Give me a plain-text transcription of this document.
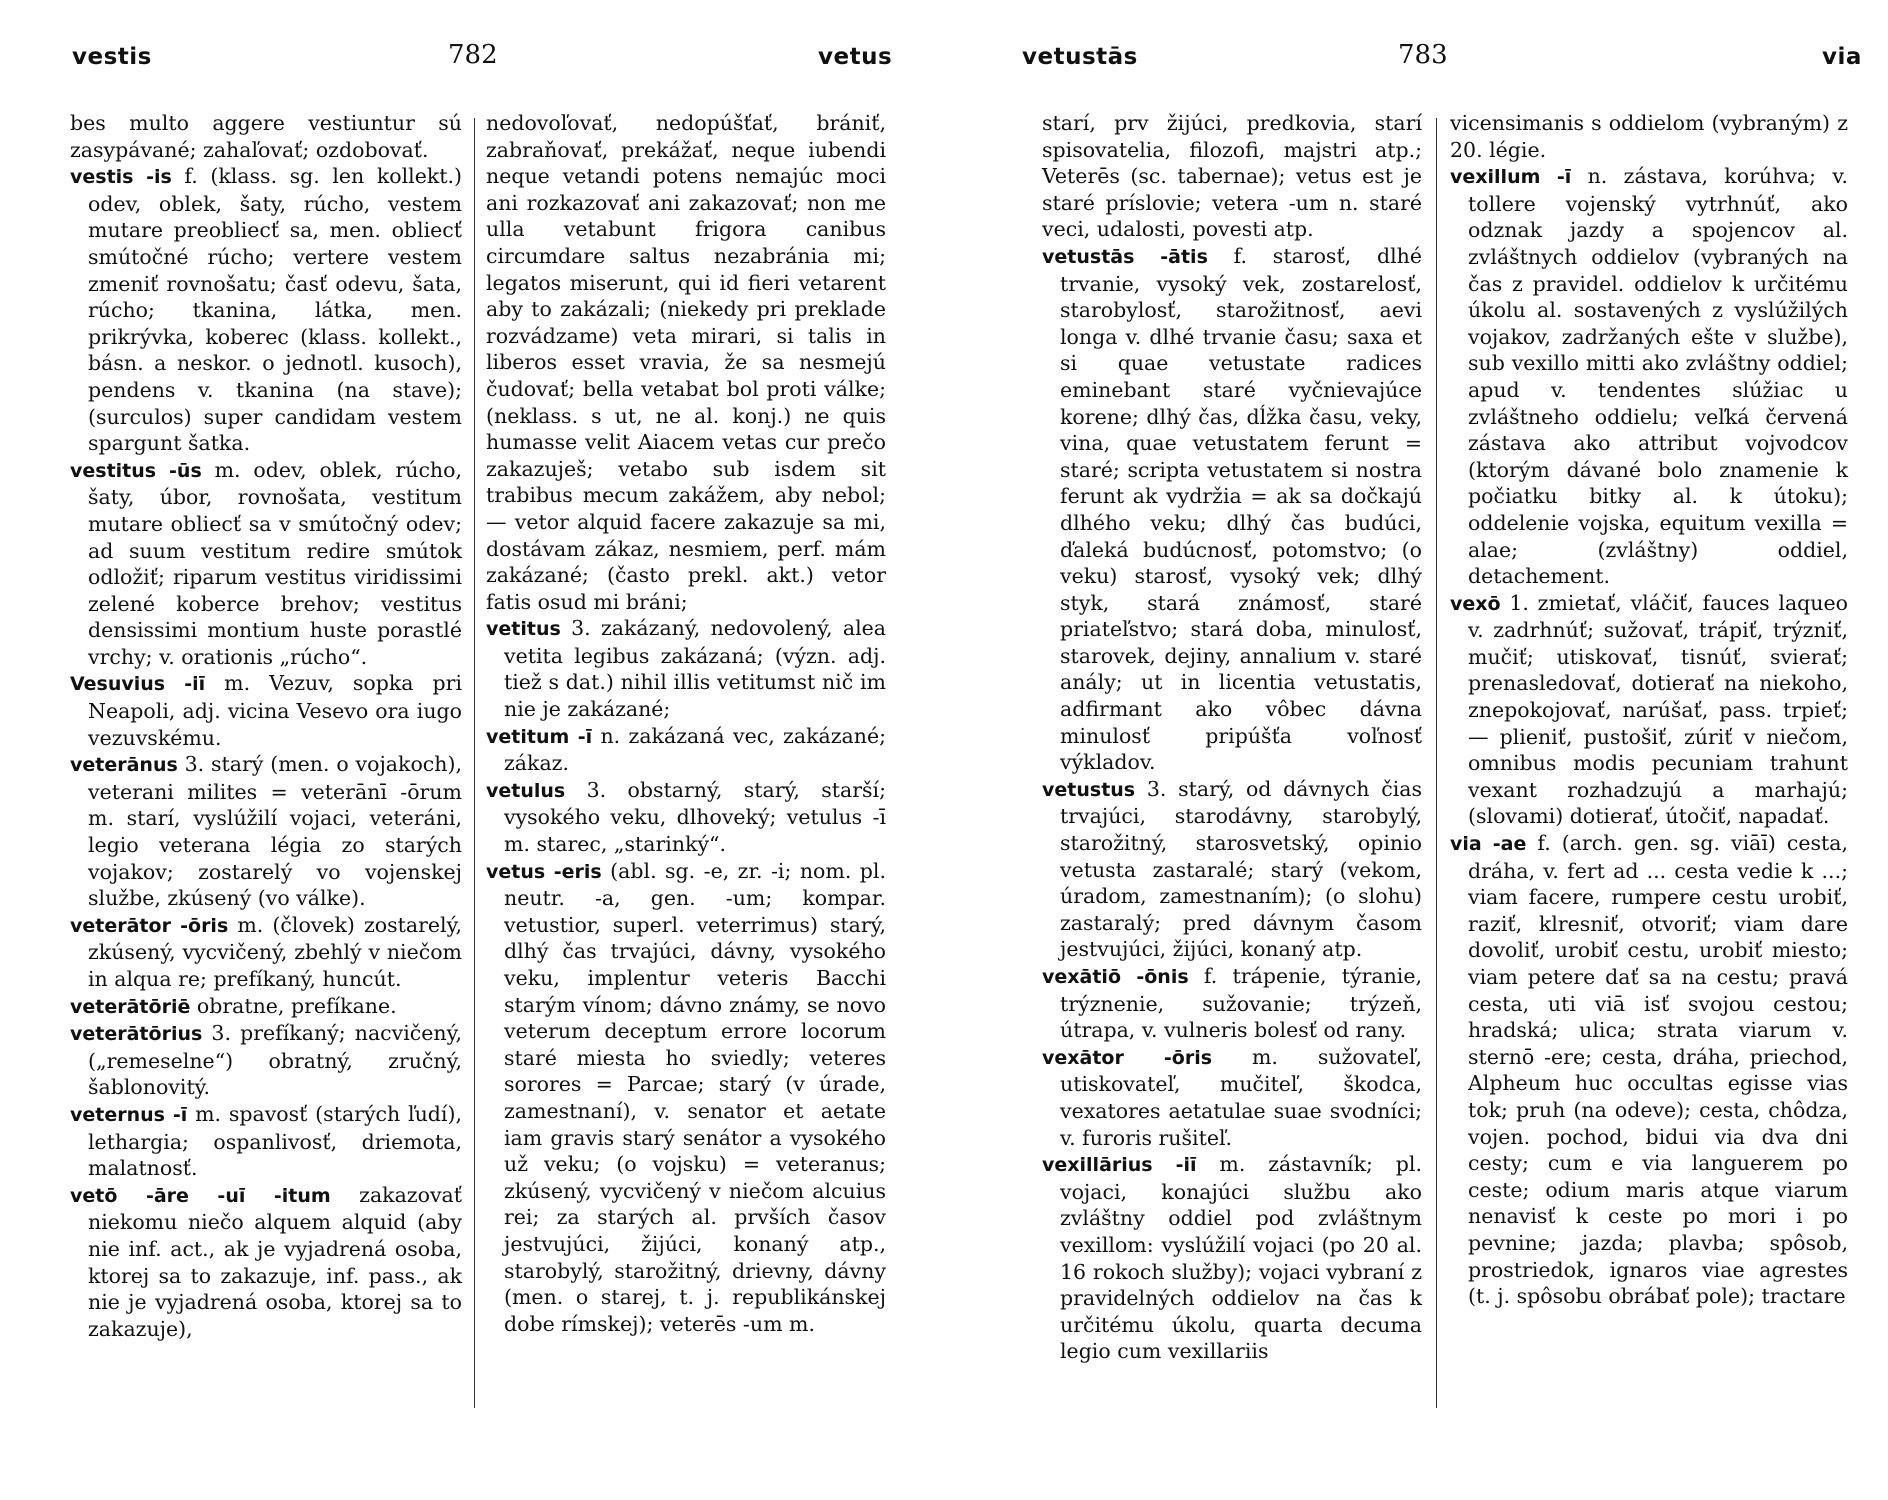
vestis	782	vetus

bes multo aggere vestiuntur sú zasypávané; zahaľovať; ozdobovať.

vestis -is f. (klass. sg. len kollekt.) odev, oblek, šaty, rúcho, vestem mutare preobliecť sa, men. obliecť smútočné rúcho; vertere vestem zmeniť rovnošatu; časť odevu, šata, rúcho; tkanina, látka, men. prikrývka, koberec (klass. kollekt., básn. a neskor. o jednotl. kusoch), pendens v. tkanina (na stave); (surculos) super candidam vestem spargunt šatka.

vestitus -ūs m. odev, oblek, rúcho, šaty, úbor, rovnošata, vestitum mutare obliecť sa v smútočný odev; ad suum vestitum redire smútok odložiť; riparum vestitus viridissimi zelené koberce brehov; vestitus densissimi montium huste porastlé vrchy; v. orationis „rúcho“.

Vesuvius -iī m. Vezuv, sopka pri Neapoli, adj. vicina Vesevo ora iugo vezuvskému.

veterānus 3. starý (men. o vojakoch), veterani milites = veterānī -ōrum m. starí, vyslúžilí vojaci, veteráni, legio veterana légia zo starých vojakov; zostarelý vo vojenskej službe, zkúsený (vo válke).

veterātor -ōris m. (človek) zostarelý, zkúsený, vycvičený, zbehlý v niečom in alqua re; prefíkaný, huncút.

veterātōriē obratne, prefíkane.

veterātōrius 3. prefíkaný; nacvičený, („remeselne“) obratný, zručný, šablonovitý.

veternus -ī m. spavosť (starých ľudí), lethargia; ospanlivosť, driemota, malatnosť.

vetō -āre -uī -itum zakazovať niekomu niečo alquem alquid (aby nie inf. act., ak je vyjadrená osoba, ktorej sa to zakazuje, inf. pass., ak nie je vyjadrená osoba, ktorej sa to zakazuje),

nedovoľovať, nedopúšťať, brániť, zabraňovať, prekážať, neque iubendi neque vetandi potens nemajúc moci ani rozkazovať ani zakazovať; non me ulla vetabunt frigora canibus circumdare saltus nezabránia mi; legatos miserunt, qui id fieri vetarent aby to zakázali; (niekedy pri preklade rozvádzame) veta mirari, si talis in liberos esset vravia, že sa nesmejú čudovať; bella vetabat bol proti válke; (neklass. s ut, ne al. konj.) ne quis humasse velit Aiacem vetas cur prečo zakazuješ; vetabo sub isdem sit trabibus mecum zakážem, aby nebol; — vetor alquid facere zakazuje sa mi, dostávam zákaz, nesmiem, perf. mám zakázané; (často prekl. akt.) vetor fatis osud mi bráni;

vetitus 3. zakázaný, nedovolený, alea vetita legibus zakázaná; (význ. adj. tiež s dat.) nihil illis vetitumst nič im nie je zakázané;

vetitum -ī n. zakázaná vec, zakázané; zákaz.

vetulus 3. obstarný, starý, starší; vysokého veku, dlhoveký; vetulus -ī m. starec, „starinký“.

vetus -eris (abl. sg. -e, zr. -i; nom. pl. neutr. -a, gen. -um; kompar. vetustior, superl. veterrimus) starý, dlhý čas trvajúci, dávny, vysokého veku, implentur veteris Bacchi starým vínom; dávno známy, se novo veterum deceptum errore locorum staré miesta ho sviedly; veteres sorores = Parcae; starý (v úrade, zamestnaní), v. senator et aetate iam gravis starý senátor a vysokého už veku; (o vojsku) = veteranus; zkúsený, vycvičený v niečom alcuius rei; za starých al. prvších časov jestvujúci, žijúci, konaný atp., starobylý, starožitný, drievny, dávny (men. o starej, t. j. republikánskej dobe rímskej); veterēs -um m.

vetustās	783	via

starí, prv žijúci, predkovia, starí spisovatelia, filozofi, majstri atp.; Veterēs (sc. tabernae); vetus est je staré príslovie; vetera -um n. staré veci, udalosti, povesti atp.

vetustās -ātis f. starosť, dlhé trvanie, vysoký vek, zostarelosť, starobylosť, starožitnosť, aevi longa v. dlhé trvanie času; saxa et si quae vetustate radices eminebant staré vyčnievajúce korene; dlhý čas, dĺžka času, veky, vina, quae vetustatem ferunt = staré; scripta vetustatem si nostra ferunt ak vydržia = ak sa dočkajú dlhého veku; dlhý čas budúci, ďaleká budúcnosť, potomstvo; (o veku) starosť, vysoký vek; dlhý styk, stará známosť, staré priateľstvo; stará doba, minulosť, starovek, dejiny, annalium v. staré anály; ut in licentia vetustatis, adfirmant ako vôbec dávna minulosť pripúšťa voľnosť výkladov.

vetustus 3. starý, od dávnych čias trvajúci, starodávny, starobylý, starožitný, starosvetský, opinio vetusta zastaralé; starý (vekom, úradom, zamestnaním); (o slohu) zastaralý; pred dávnym časom jestvujúci, žijúci, konaný atp.

vexātiō -ōnis f. trápenie, týranie, trýznenie, sužovanie; trýzeň, útrapa, v. vulneris bolesť od rany.

vexātor -ōris m. sužovateľ, utiskovateľ, mučiteľ, škodca, vexatores aetatulae suae svodníci; v. furoris rušiteľ.

vexillārius -iī m. zástavník; pl. vojaci, konajúci službu ako zvláštny oddiel pod zvláštnym vexillom: vyslúžilí vojaci (po 20 al. 16 rokoch služby); vojaci vybraní z pravidelných oddielov na čas k určitému úkolu, quarta decuma legio cum vexillariis

vicensimanis s oddielom (vybraným) z 20. légie.

vexillum -ī n. zástava, korúhva; v. tollere vojenský vytrhnúť, ako odznak jazdy a spojencov al. zvláštnych oddielov (vybraných na čas z pravidel. oddielov k určitému úkolu al. sostavených z vyslúžilých vojakov, zadržaných ešte v službe), sub vexillo mitti ako zvláštny oddiel; apud v. tendentes slúžiac u zvláštneho oddielu; veľká červená zástava ako attribut vojvodcov (ktorým dávané bolo znamenie k počiatku bitky al. k útoku); oddelenie vojska, equitum vexilla = alae; (zvláštny) oddiel, detachement.

vexō 1. zmietať, vláčiť, fauces laqueo v. zadrhnúť; sužovať, trápiť, trýzniť, mučiť; utiskovať, tisnúť, svierať; prenasledovať, dotierať na niekoho, znepokojovať, narúšať, pass. trpieť; — plieniť, pustošiť, zúriť v niečom, omnibus modis pecuniam trahunt vexant rozhadzujú a marhajú; (slovami) dotierať, útočiť, napadať.

via -ae f. (arch. gen. sg. viāī) cesta, dráha, v. fert ad ... cesta vedie k ...; viam facere, rumpere cestu urobiť, raziť, klresniť, otvoriť; viam dare dovoliť, urobiť cestu, urobiť miesto; viam petere dať sa na cestu; pravá cesta, uti viā isť svojou cestou; hradská; ulica; strata viarum v. sternō -ere; cesta, dráha, priechod, Alpheum huc occultas egisse vias tok; pruh (na odeve); cesta, chôdza, vojen. pochod, bidui via dva dni cesty; cum e via languerem po ceste; odium maris atque viarum nenavisť k ceste po mori i po pevnine; jazda; plavba; spôsob, prostriedok, ignaros viae agrestes (t. j. spôsobu obrábať pole); tractare
